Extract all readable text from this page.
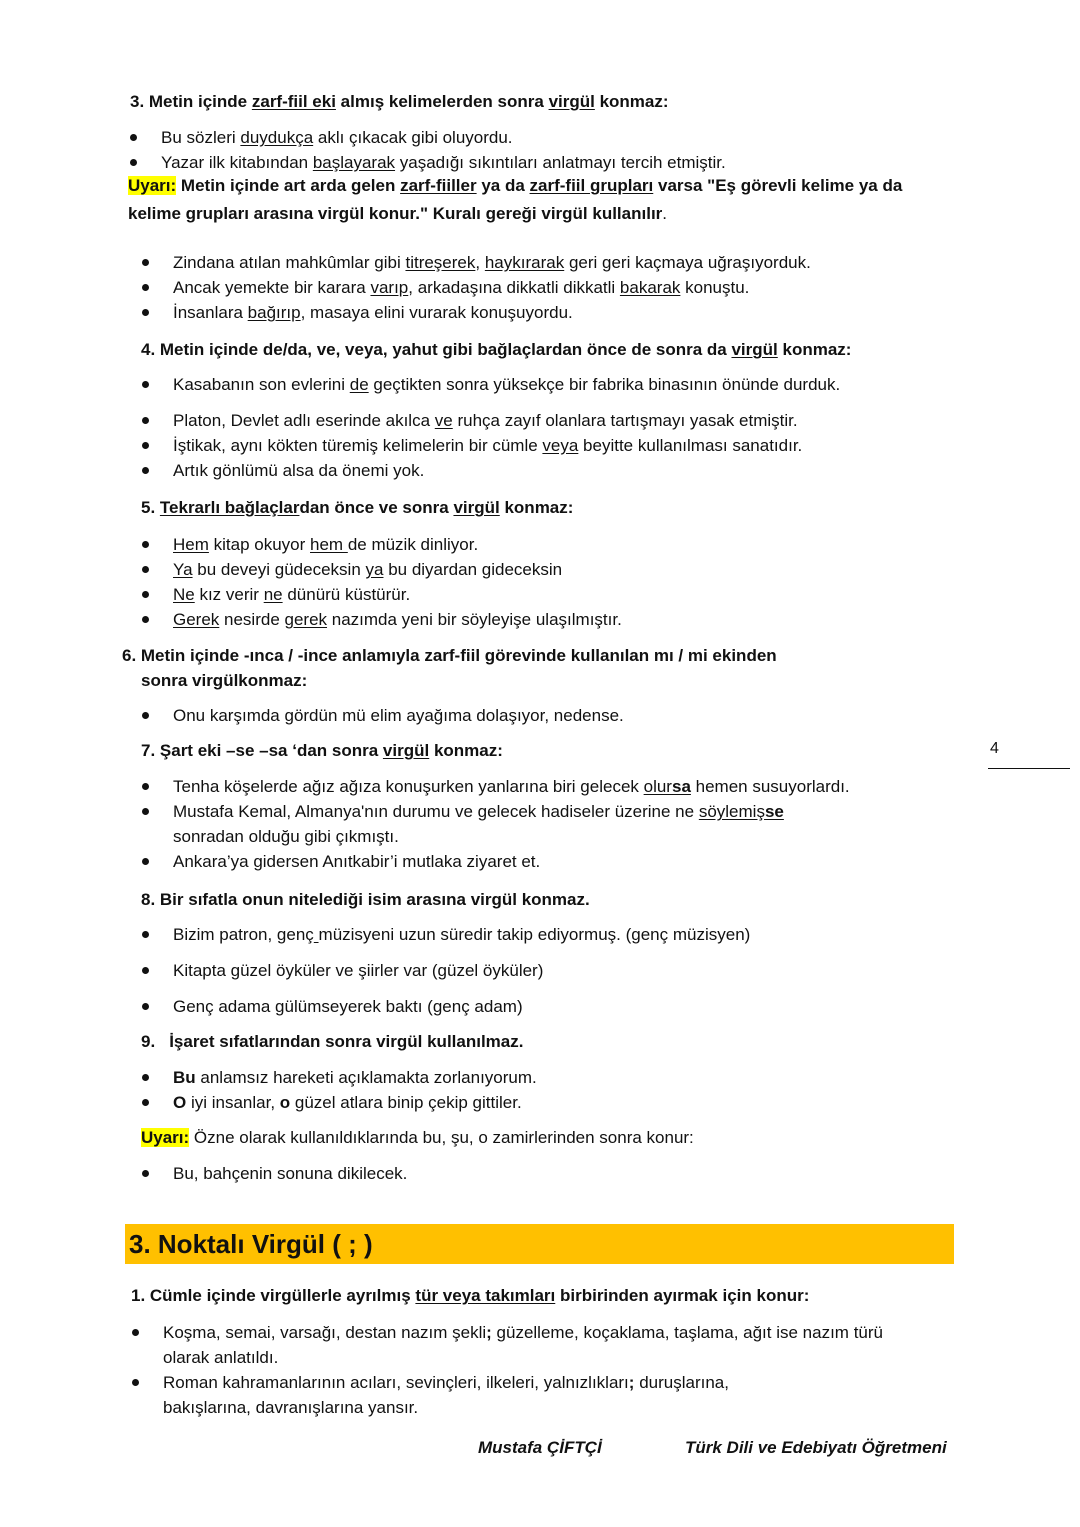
3. Metin içinde zarf-fiil eki almış kelimelerden sonra virgül konmaz:

Bu sözleri duydukça aklı çıkacak gibi oluyordu.
Yazar ilk kitabından başlayarak yaşadığı sıkıntıları anlatmayı tercih etmiştir.

Uyarı: Metin içinde art arda gelen zarf-fiiller ya da zarf-fiil grupları varsa "Eş görevli kelime ya da kelime grupları arasına virgül konur." Kuralı gereği virgül kullanılır.

Zindana atılan mahkûmlar gibi titreşerek, haykırarak geri geri kaçmaya uğraşıyorduk.
Ancak yemekte bir karara varıp, arkadaşına dikkatli dikkatli bakarak konuştu.
İnsanlara bağırıp, masaya elini vurarak konuşuyordu.

4. Metin içinde de/da, ve, veya, yahut gibi bağlaçlardan önce de sonra da virgül konmaz:

Kasabanın son evlerini de geçtikten sonra yüksekçe bir fabrika binasının önünde durduk.
Platon, Devlet adlı eserinde akılca ve ruhça zayıf olanlara tartışmayı yasak etmiştir.
İştikak, aynı kökten türemiş kelimelerin bir cümle veya beyitte kullanılması sanatıdır.
Artık gönlümü alsa da önemi yok.

5. Tekrarlı bağlaçlardan önce ve sonra virgül konmaz:

Hem kitap okuyor hem de müzik dinliyor.
Ya bu deveyi güdeceksin ya bu diyardan gideceksin
Ne kız verir ne dünürü küstürür.
Gerek nesirde gerek nazımda yeni bir söyleyişe ulaşılmıştır.

6. Metin içinde -ınca / -ince anlamıyla zarf-fiil görevinde kullanılan mı / mi ekinden

sonra virgülkonmaz:

Onu karşımda gördün mü elim ayağıma dolaşıyor, nedense.
4

7. Şart eki –se –sa ‘dan sonra virgül konmaz:

Tenha köşelerde ağız ağıza konuşurken yanlarına biri gelecek olursa hemen susuyorlardı.
Mustafa Kemal, Almanya'nın durumu ve gelecek hadiseler üzerine ne söylemişse sonradan olduğu gibi çıkmıştı.
Ankara’ya gidersen Anıtkabir’i mutlaka ziyaret et.

8. Bir sıfatla onun nitelediği isim arasına virgül konmaz.

Bizim patron, genç müzisyeni uzun süredir takip ediyormuş. (genç müzisyen)
Kitapta güzel öyküler ve şiirler var (güzel öyküler)
Genç adama gülümseyerek baktı (genç adam)

9. İşaret sıfatlarından sonra virgül kullanılmaz.

Bu anlamsız hareketi açıklamakta zorlanıyorum.
O iyi insanlar, o güzel atlara binip çekip gittiler.

Uyarı: Özne olarak kullanıldıklarında bu, şu, o zamirlerinden sonra konur:

Bu, bahçenin sonuna dikilecek.
3. Noktalı Virgül ( ; )

1. Cümle içinde virgüllerle ayrılmış tür veya takımları birbirinden ayırmak için konur:

Koşma, semai, varsağı, destan nazım şekli; güzelleme, koçaklama, taşlama, ağıt ise nazım türü olarak anlatıldı.
Roman kahramanlarının acıları, sevinçleri, ilkeleri, yalnızlıkları; duruşlarına, bakışlarına, davranışlarına yansır.
Mustafa ÇİFTÇİ	Türk Dili ve Edebiyatı Öğretmeni
